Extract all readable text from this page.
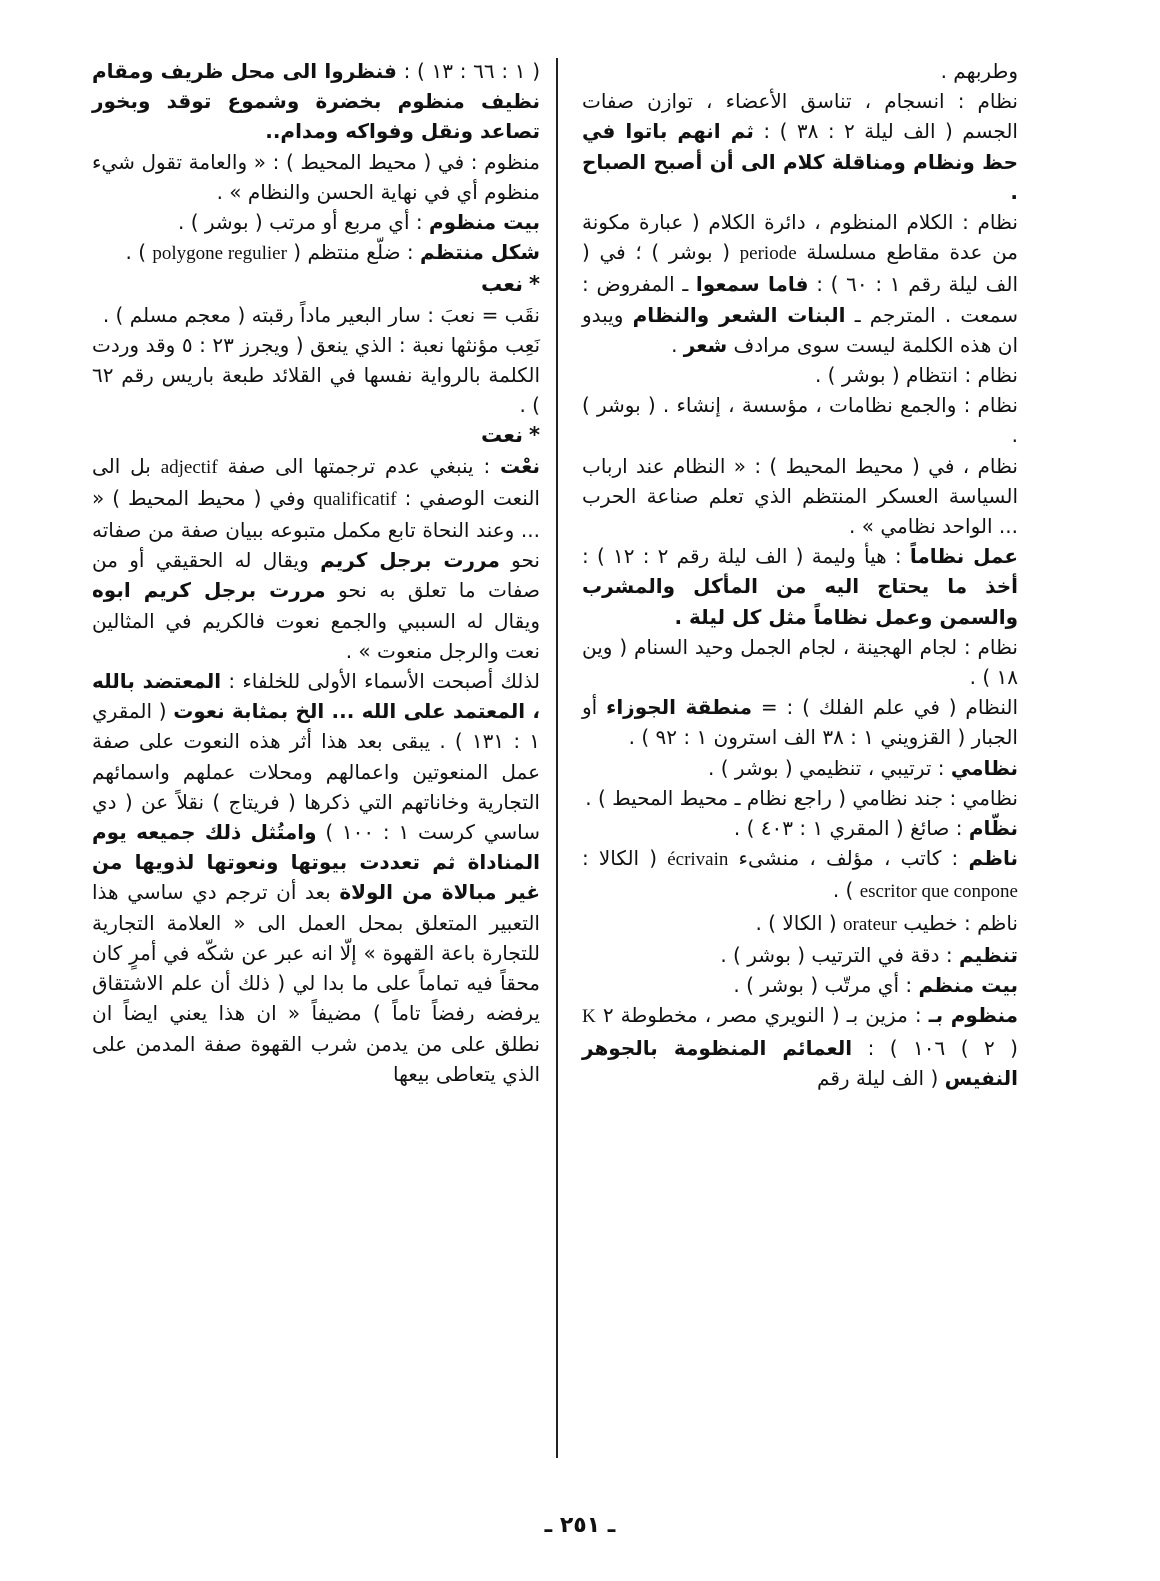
وطربهم .

نظام : انسجام ، تناسق الأعضاء ، توازن صفات الجسم ( الف ليلة ٢ : ٣٨ ) : ثم انهم باتوا في حظ ونظام ومناقلة كلام الى أن أصبح الصباح .

نظام : الكلام المنظوم ، دائرة الكلام ( عبارة مكونة من عدة مقاطع مسلسلة periode ( بوشر ) ؛ في ( الف ليلة رقم ١ : ٦٠ ) : فاما سمعوا ـ المفروض : سمعت . المترجم ـ البنات الشعر والنظام ويبدو ان هذه الكلمة ليست سوى مرادف شعر .

نظام : انتظام ( بوشر ) .

نظام : والجمع نظامات ، مؤسسة ، إنشاء . ( بوشر ) .

نظام ، في ( محيط المحيط ) : « النظام عند ارباب السياسة العسكر المنتظم الذي تعلم صناعة الحرب ... الواحد نظامي » .

عمل نظاماً : هيأ وليمة ( الف ليلة رقم ٢ : ١٢ ) : أخذ ما يحتاج اليه من المأكل والمشرب والسمن وعمل نظاماً مثل كل ليلة .

نظام : لجام الهجينة ، لجام الجمل وحيد السنام ( وين ١٨ ) .

النظام ( في علم الفلك ) : = منطقة الجوزاء أو الجبار ( القزويني ١ : ٣٨ الف استرون ١ : ٩٢ ) .

نظامي : ترتيبي ، تنظيمي ( بوشر ) .

نظامي : جند نظامي ( راجع نظام ـ محيط المحيط ) .

نظّام : صائغ ( المقري ١ : ٤٠٣ ) .

ناظم : كاتب ، مؤلف ، منشىء écrivain ( الكالا : escritor que conpone ) .

ناظم : خطيب orateur ( الكالا ) .

تنظيم : دقة في الترتيب ( بوشر ) .

بيت منظم : أي مرتّب ( بوشر ) .

منظوم بـ : مزين بـ ( النويري مصر ، مخطوطة ٢ K ( ٢ ) ١٠٦ ) : العمائم المنظومة بالجوهر النفيس ( الف ليلة رقم

( ١ : ٦٦ : ١٣ ) : فنظروا الى محل ظريف ومقام نظيف منظوم بخضرة وشموع توقد وبخور تصاعد ونقل وفواكه ومدام..

منظوم : في ( محيط المحيط ) : « والعامة تقول شيء منظوم أي في نهاية الحسن والنظام » .

بيت منظوم : أي مربع أو مرتب ( بوشر ) .

شكل منتظم : ضلّع منتظم ( polygone regulier ) .

*نعب

نقَب = نعبَ : سار البعير ماداً رقبته ( معجم مسلم ) .

نَعِب مؤنثها نعبة : الذي ينعق ( ويجرز ٢٣ : ٥ وقد وردت الكلمة بالرواية نفسها في القلائد طبعة باريس رقم ٦٢ ) .

*نعت

نعْت : ينبغي عدم ترجمتها الى صفة adjectif بل الى النعت الوصفي : qualificatif وفي ( محيط المحيط ) « ... وعند النحاة تابع مكمل متبوعه ببيان صفة من صفاته نحو مررت برجل كريم ويقال له الحقيقي أو من صفات ما تعلق به نحو مررت برجل كريم ابوه ويقال له السببي والجمع نعوت فالكريم في المثالين نعت والرجل منعوت » .

لذلك أصبحت الأسماء الأولى للخلفاء : المعتضد بالله ، المعتمد على الله ... الخ بمثابة نعوت ( المقري ١ : ١٣١ ) . يبقى بعد هذا أثر هذه النعوت على صفة عمل المنعوتين واعمالهم ومحلات عملهم واسمائهم التجارية وخاناتهم التي ذكرها ( فريتاج ) نقلاً عن ( دي ساسي كرست ١ : ١٠٠ ) وامتُثل ذلك جميعه يوم المناداة ثم تعددت بيوتها ونعوتها لذويها من غير مبالاة من الولاة بعد أن ترجم دي ساسي هذا التعبير المتعلق بمحل العمل الى « العلامة التجارية للتجارة باعة القهوة » إلّا انه عبر عن شكّه في أمرٍ كان محقاً فيه تماماً على ما بدا لي ( ذلك أن علم الاشتقاق يرفضه رفضاً تاماً ) مضيفاً « ان هذا يعني ايضاً ان نطلق على من يدمن شرب القهوة صفة المدمن على الذي يتعاطى بيعها

ـ ٢٥١ ـ
